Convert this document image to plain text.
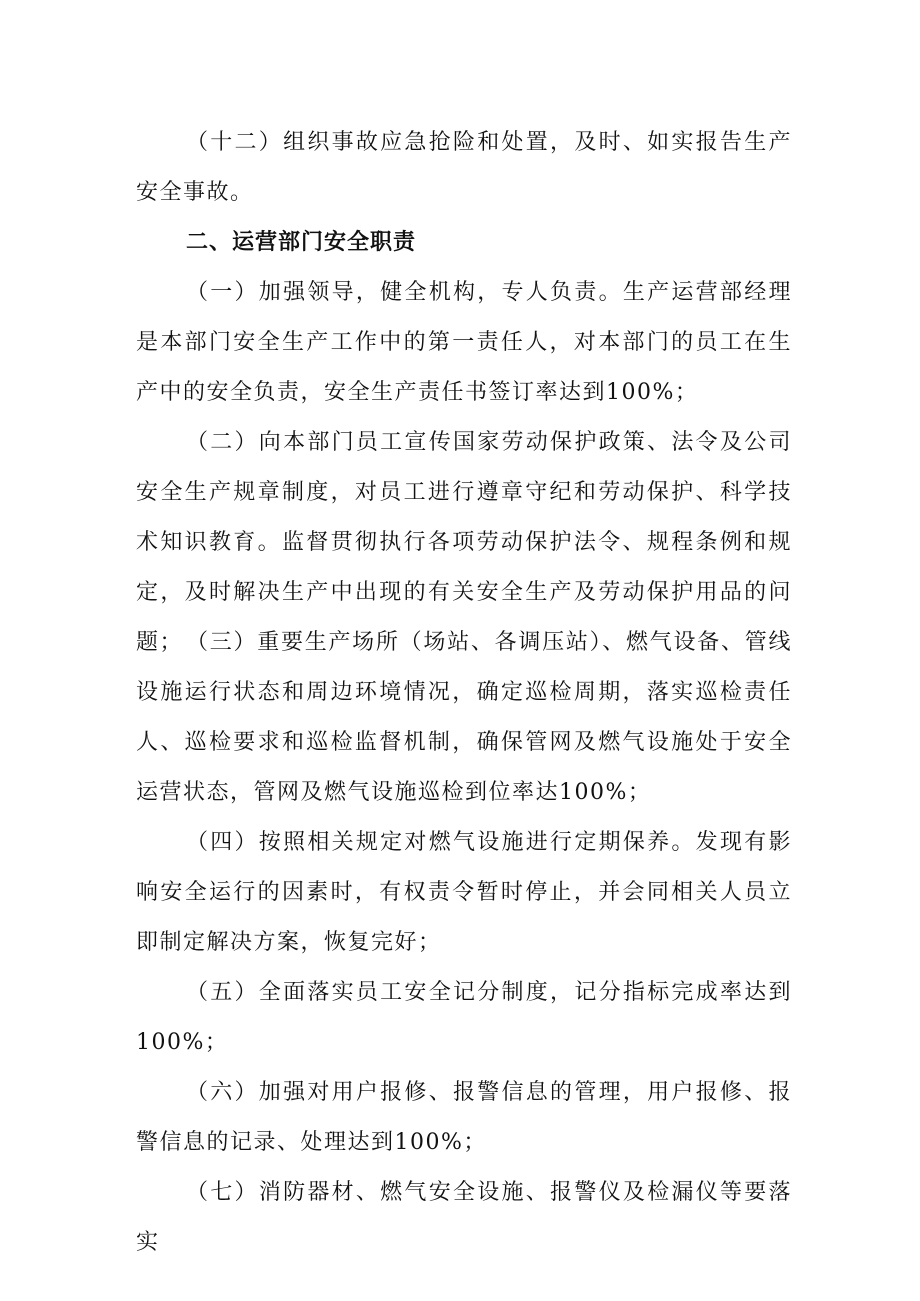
（十二）组织事故应急抢险和处置，及时、如实报告生产安全事故。

二、运营部门安全职责

（一）加强领导，健全机构，专人负责。生产运营部经理是本部门安全生产工作中的第一责任人，对本部门的员工在生产中的安全负责，安全生产责任书签订率达到100%；

（二）向本部门员工宣传国家劳动保护政策、法令及公司安全生产规章制度，对员工进行遵章守纪和劳动保护、科学技术知识教育。监督贯彻执行各项劳动保护法令、规程条例和规定，及时解决生产中出现的有关安全生产及劳动保护用品的问题； （三）重要生产场所（场站、各调压站）、燃气设备、管线设施运行状态和周边环境情况，确定巡检周期，落实巡检责任人、巡检要求和巡检监督机制，确保管网及燃气设施处于安全运营状态，管网及燃气设施巡检到位率达100%；

（四）按照相关规定对燃气设施进行定期保养。发现有影响安全运行的因素时，有权责令暂时停止，并会同相关人员立即制定解决方案，恢复完好；

（五）全面落实员工安全记分制度，记分指标完成率达到100%；

（六）加强对用户报修、报警信息的管理，用户报修、报警信息的记录、处理达到100%；

（七）消防器材、燃气安全设施、报警仪及检漏仪等要落实
